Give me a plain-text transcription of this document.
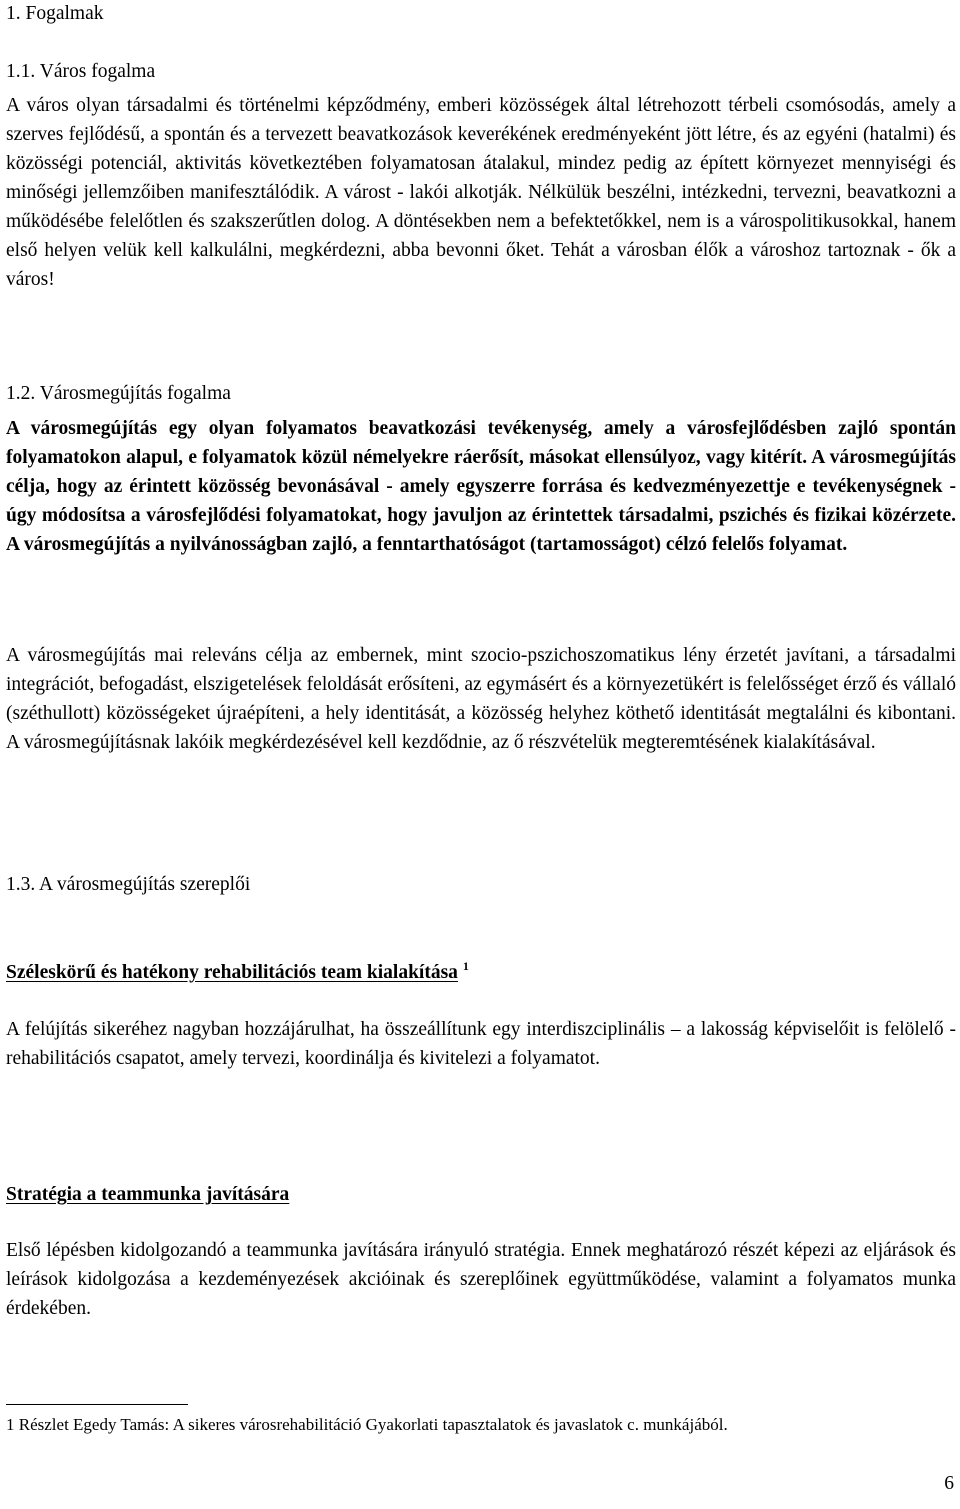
1. Fogalmak
1.1. Város fogalma

A város olyan társadalmi és történelmi képződmény, emberi közösségek által létrehozott térbeli csomósodás, amely a szerves fejlődésű, a spontán és a tervezett beavatkozások keverékének eredményeként jött létre, és az egyéni (hatalmi) és közösségi potenciál, aktivitás következtében folyamatosan átalakul, mindez pedig az épített környezet mennyiségi és minőségi jellemzőiben manifesztálódik. A várost - lakói alkotják. Nélkülük beszélni, intézkedni, tervezni, beavatkozni a működésébe felelőtlen és szakszerűtlen dolog. A döntésekben nem a befektetőkkel, nem is a várospolitikusokkal, hanem első helyen velük kell kalkulálni, megkérdezni, abba bevonni őket. Tehát a városban élők a városhoz tartoznak - ők a város!

1.2. Városmegújítás fogalma

A városmegújítás egy olyan folyamatos beavatkozási tevékenység, amely a városfejlődésben zajló spontán folyamatokon alapul, e folyamatok közül némelyekre ráerősít, másokat ellensúlyoz, vagy kitérít. A városmegújítás célja, hogy az érintett közösség bevonásával - amely egyszerre forrása és kedvezményezettje e tevékenységnek - úgy módosítsa a városfejlődési folyamatokat, hogy javuljon az érintettek társadalmi, pszichés és fizikai közérzete. A városmegújítás a nyilvánosságban zajló, a fenntarthatóságot (tartamosságot) célzó felelős folyamat.

A városmegújítás mai releváns célja az embernek, mint szocio-pszichoszomatikus lény érzetét javítani, a társadalmi integrációt, befogadást, elszigetelések feloldását erősíteni, az egymásért és a környezetükért is felelősséget érző és vállaló (széthullott) közösségeket újraépíteni, a hely identitását, a közösség helyhez köthető identitását megtalálni és kibontani. A városmegújításnak lakóik megkérdezésével kell kezdődnie, az ő részvételük megteremtésének kialakításával.

1.3. A városmegújítás szereplői
Széleskörű és hatékony rehabilitációs team kialakítása $^1$

A felújítás sikeréhez nagyban hozzájárulhat, ha összeállítunk egy interdiszciplinális – a lakosság képviselőit is felölelő - rehabilitációs csapatot, amely tervezi, koordinálja és kivitelezi a folyamatot.

Stratégia a teammunka javítására

Első lépésben kidolgozandó a teammunka javítására irányuló stratégia. Ennek meghatározó részét képezi az eljárások és leírások kidolgozása a kezdeményezések akcióinak és szereplőinek együttműködése, valamint a folyamatos munka érdekében.

1 Részlet Egedy Tamás: A sikeres városrehabilitáció Gyakorlati tapasztalatok és javaslatok c. munkájából.
6
